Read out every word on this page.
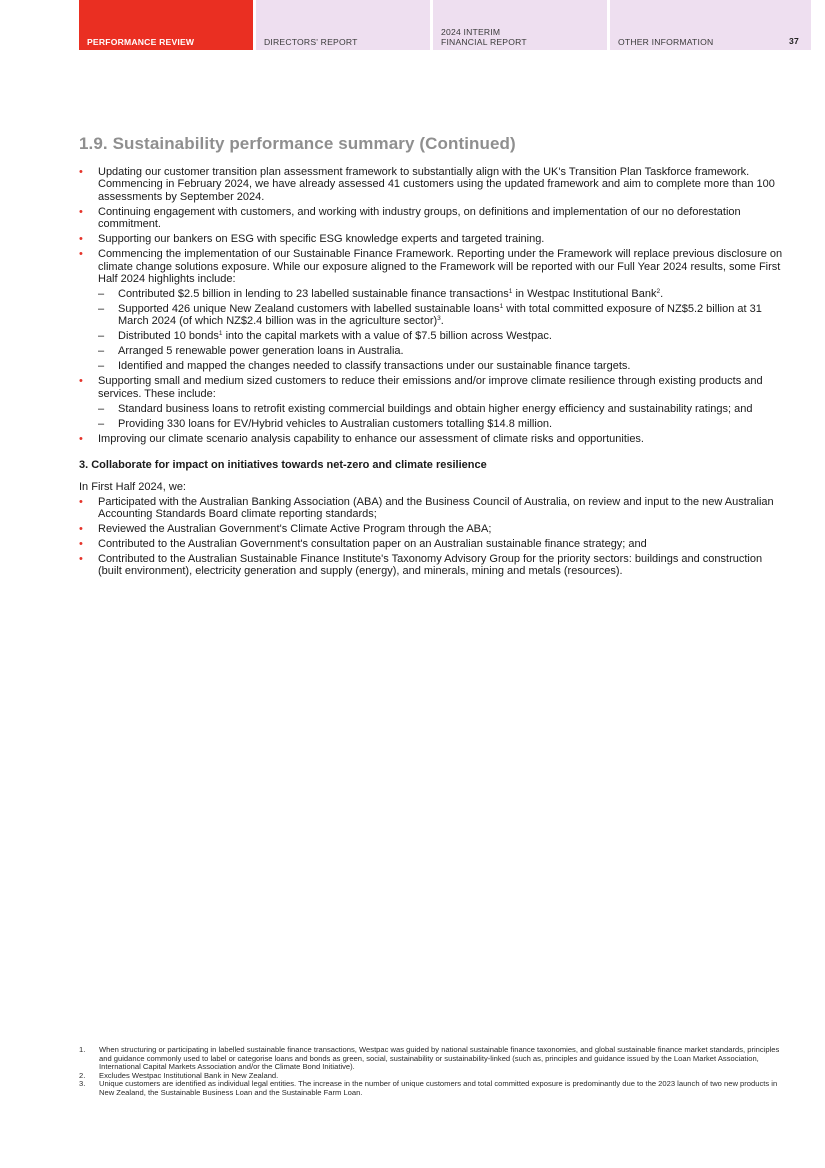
PERFORMANCE REVIEW	DIRECTORS' REPORT
2024 INTERIM
FINANCIAL REPORT	OTHER INFORMATION	37
1.9. Sustainability performance summary (Continued)
• Updating our customer transition plan assessment framework to substantially align with the UK's Transition Plan Taskforce framework. Commencing in February 2024, we have already assessed 41 customers using the updated framework and aim to complete more than 100 assessments by September 2024.
• Continuing engagement with customers, and working with industry groups, on definitions and implementation of our no deforestation commitment.
• Supporting our bankers on ESG with specific ESG knowledge experts and targeted training.
• Commencing the implementation of our Sustainable Finance Framework. Reporting under the Framework will replace previous disclosure on climate change solutions exposure. While our exposure aligned to the Framework will be reported with our Full Year 2024 results, some First Half 2024 highlights include:
– Contributed $2.5 billion in lending to 23 labelled sustainable finance transactions$^1$ in Westpac Institutional Bank$^2$.
– Supported 426 unique New Zealand customers with labelled sustainable loans$^1$ with total committed exposure of NZ$5.2 billion at 31 March 2024 (of which NZ$2.4 billion was in the agriculture sector)$^3$.
– Distributed 10 bonds$^1$ into the capital markets with a value of $7.5 billion across Westpac.
– Arranged 5 renewable power generation loans in Australia.
– Identified and mapped the changes needed to classify transactions under our sustainable finance targets.
• Supporting small and medium sized customers to reduce their emissions and/or improve climate resilience through existing products and services. These include:
– Standard business loans to retrofit existing commercial buildings and obtain higher energy efficiency and sustainability ratings; and
– Providing 330 loans for EV/Hybrid vehicles to Australian customers totalling $14.8 million.
• Improving our climate scenario analysis capability to enhance our assessment of climate risks and opportunities.
3. Collaborate for impact on initiatives towards net-zero and climate resilience

In First Half 2024, we:

• Participated with the Australian Banking Association (ABA) and the Business Council of Australia, on review and input to the new Australian Accounting Standards Board climate reporting standards;
• Reviewed the Australian Government's Climate Active Program through the ABA;
• Contributed to the Australian Government's consultation paper on an Australian sustainable finance strategy; and
• Contributed to the Australian Sustainable Finance Institute's Taxonomy Advisory Group for the priority sectors: buildings and construction (built environment), electricity generation and supply (energy), and minerals, mining and metals (resources).
1. When structuring or participating in labelled sustainable finance transactions, Westpac was guided by national sustainable finance taxonomies, and global sustainable finance market standards, principles and guidance commonly used to label or categorise loans and bonds as green, social, sustainability or sustainability-linked (such as, principles and guidance issued by the Loan Market Association, International Capital Markets Association and/or the Climate Bond Initiative).
2. Excludes Westpac Institutional Bank in New Zealand.
3. Unique customers are identified as individual legal entities. The increase in the number of unique customers and total committed exposure is predominantly due to the 2023 launch of two new products in New Zealand, the Sustainable Business Loan and the Sustainable Farm Loan.
